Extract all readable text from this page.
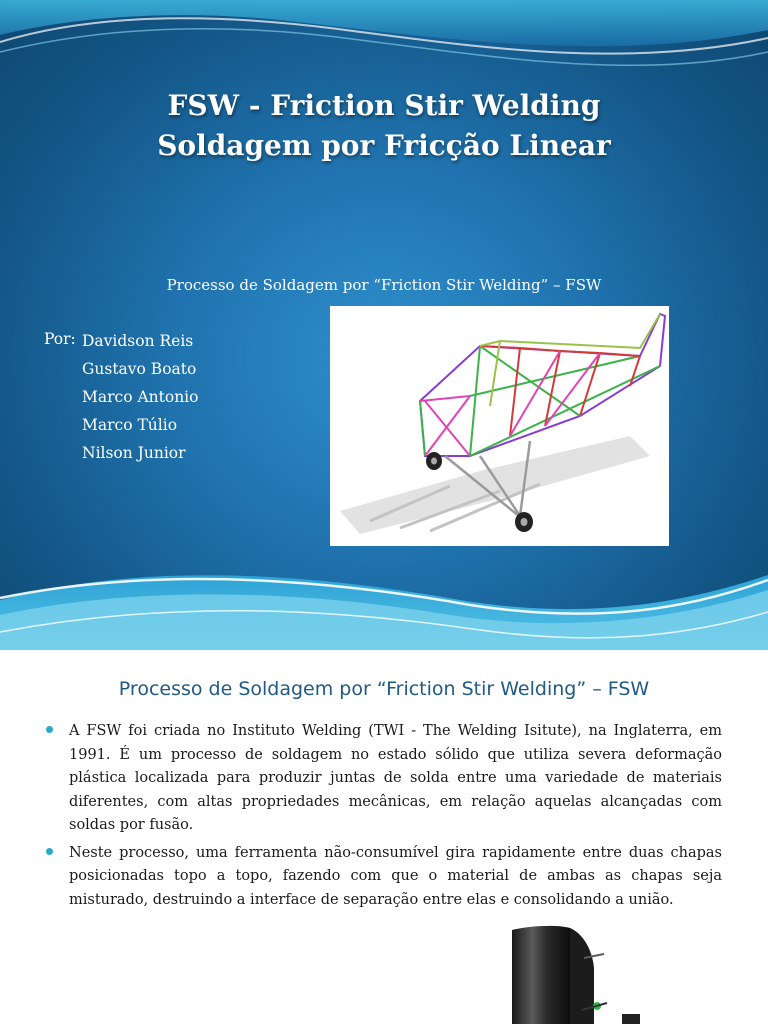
FSW - Friction Stir Welding
Soldagem por Fricção Linear
Processo de Soldagem por “Friction Stir Welding” – FSW
Por: Davidson Reis
Gustavo Boato
Marco Antonio
Marco Túlio
Nilson Junior
Processo de Soldagem por “Friction Stir Welding” – FSW
A FSW foi criada no Instituto Welding (TWI - The Welding Isitute), na Inglaterra, em 1991. É um processo de soldagem no estado sólido que utiliza severa deformação plástica localizada para produzir juntas de solda entre uma variedade de materiais diferentes, com altas propriedades mecânicas, em relação aquelas alcançadas com soldas por fusão.
Neste processo, uma ferramenta não-consumível gira rapidamente entre duas chapas posicionadas topo a topo, fazendo com que o material de ambas as chapas seja misturado, destruindo a interface de separação entre elas e consolidando a união.
